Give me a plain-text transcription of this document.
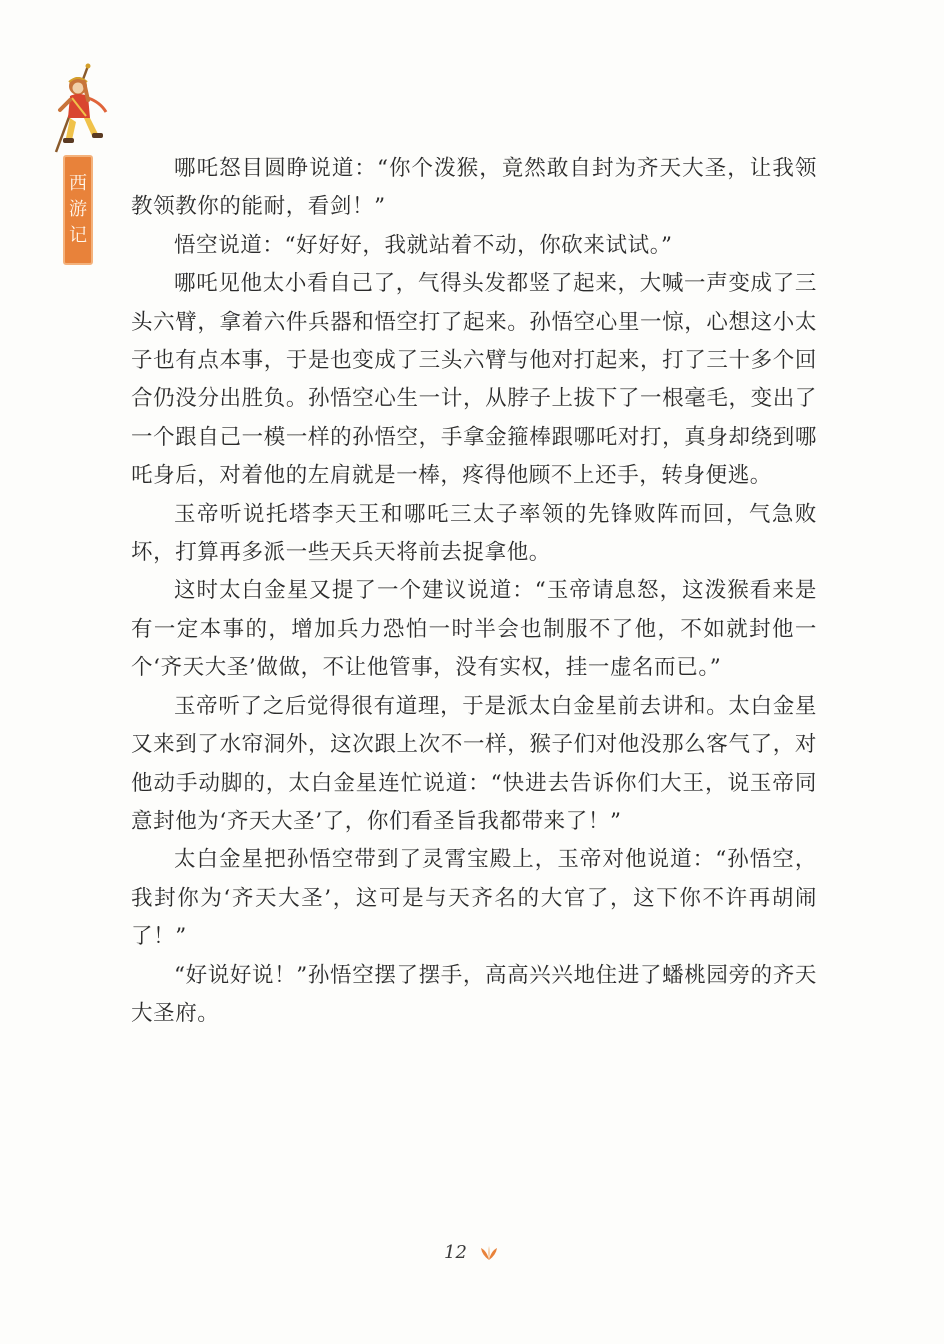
西
游
记

哪吒怒目圆睁说道：“你个泼猴，竟然敢自封为齐天大圣，让我领教领教你的能耐，看剑！”

悟空说道：“好好好，我就站着不动，你砍来试试。”

哪吒见他太小看自己了，气得头发都竖了起来，大喊一声变成了三头六臂，拿着六件兵器和悟空打了起来。孙悟空心里一惊，心想这小太子也有点本事，于是也变成了三头六臂与他对打起来，打了三十多个回合仍没分出胜负。孙悟空心生一计，从脖子上拔下了一根毫毛，变出了一个跟自己一模一样的孙悟空，手拿金箍棒跟哪吒对打，真身却绕到哪吒身后，对着他的左肩就是一棒，疼得他顾不上还手，转身便逃。

玉帝听说托塔李天王和哪吒三太子率领的先锋败阵而回，气急败坏，打算再多派一些天兵天将前去捉拿他。

这时太白金星又提了一个建议说道：“玉帝请息怒，这泼猴看来是有一定本事的，增加兵力恐怕一时半会也制服不了他，不如就封他一个‘齐天大圣’做做，不让他管事，没有实权，挂一虚名而已。”

玉帝听了之后觉得很有道理，于是派太白金星前去讲和。太白金星又来到了水帘洞外，这次跟上次不一样，猴子们对他没那么客气了，对他动手动脚的，太白金星连忙说道：“快进去告诉你们大王，说玉帝同意封他为‘齐天大圣’了，你们看圣旨我都带来了！”

太白金星把孙悟空带到了灵霄宝殿上，玉帝对他说道：“孙悟空，我封你为‘齐天大圣’，这可是与天齐名的大官了，这下你不许再胡闹了！”

“好说好说！”孙悟空摆了摆手，高高兴兴地住进了蟠桃园旁的齐天大圣府。

12
